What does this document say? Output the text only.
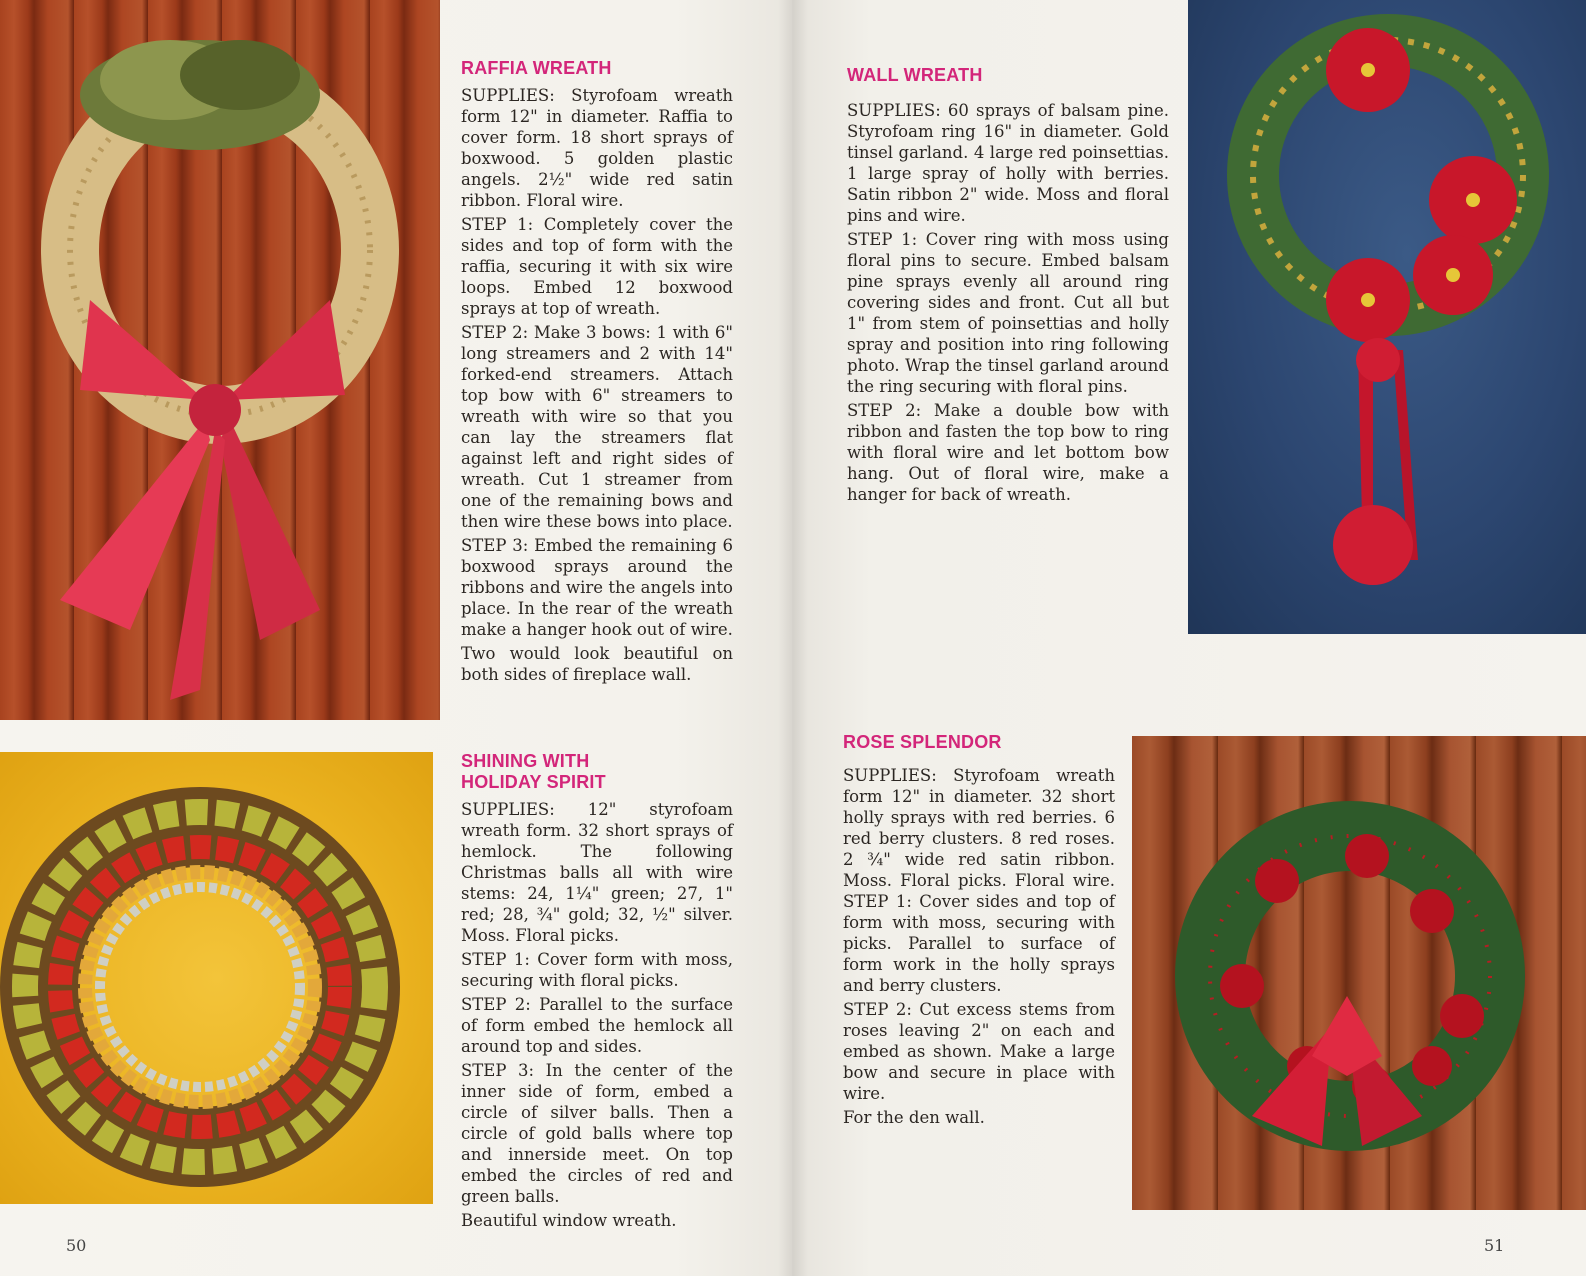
RAFFIA WREATH

SUPPLIES: Styrofoam wreath form 12" in diameter. Raffia to cover form. 18 short sprays of boxwood. 5 golden plastic angels. 2½" wide red satin ribbon. Floral wire.

STEP 1: Completely cover the sides and top of form with the raffia, securing it with six wire loops. Embed 12 boxwood sprays at top of wreath.

STEP 2: Make 3 bows: 1 with 6" long streamers and 2 with 14" forked-end streamers. Attach top bow with 6" streamers to wreath with wire so that you can lay the streamers flat against left and right sides of wreath. Cut 1 streamer from one of the remaining bows and then wire these bows into place.

STEP 3: Embed the remaining 6 boxwood sprays around the ribbons and wire the angels into place. In the rear of the wreath make a hanger hook out of wire.

Two would look beautiful on both sides of fireplace wall.

SHINING WITH
HOLIDAY SPIRIT

SUPPLIES: 12" styrofoam wreath form. 32 short sprays of hemlock. The following Christmas balls all with wire stems: 24, 1¼" green; 27, 1" red; 28, ¾" gold; 32, ½" silver. Moss. Floral picks.

STEP 1: Cover form with moss, securing with floral picks.

STEP 2: Parallel to the surface of form embed the hemlock all around top and sides.

STEP 3: In the center of the inner side of form, embed a circle of silver balls. Then a circle of gold balls where top and innerside meet. On top embed the circles of red and green balls.

Beautiful window wreath.

WALL WREATH

SUPPLIES: 60 sprays of balsam pine. Styrofoam ring 16" in diameter. Gold tinsel garland. 4 large red poinsettias. 1 large spray of holly with berries. Satin ribbon 2" wide. Moss and floral pins and wire.

STEP 1: Cover ring with moss using floral pins to secure. Embed balsam pine sprays evenly all around ring covering sides and front. Cut all but 1" from stem of poinsettias and holly spray and position into ring following photo. Wrap the tinsel garland around the ring securing with floral pins.

STEP 2: Make a double bow with ribbon and fasten the top bow to ring with floral wire and let bottom bow hang. Out of floral wire, make a hanger for back of wreath.

ROSE SPLENDOR

SUPPLIES: Styrofoam wreath form 12" in diameter. 32 short holly sprays with red berries. 6 red berry clusters. 8 red roses. 2 ¾" wide red satin ribbon. Moss. Floral picks. Floral wire. STEP 1: Cover sides and top of form with moss, securing with picks. Parallel to surface of form work in the holly sprays and berry clusters.

STEP 2: Cut excess stems from roses leaving 2" on each and embed as shown. Make a large bow and secure in place with wire.

For the den wall.

50	51
